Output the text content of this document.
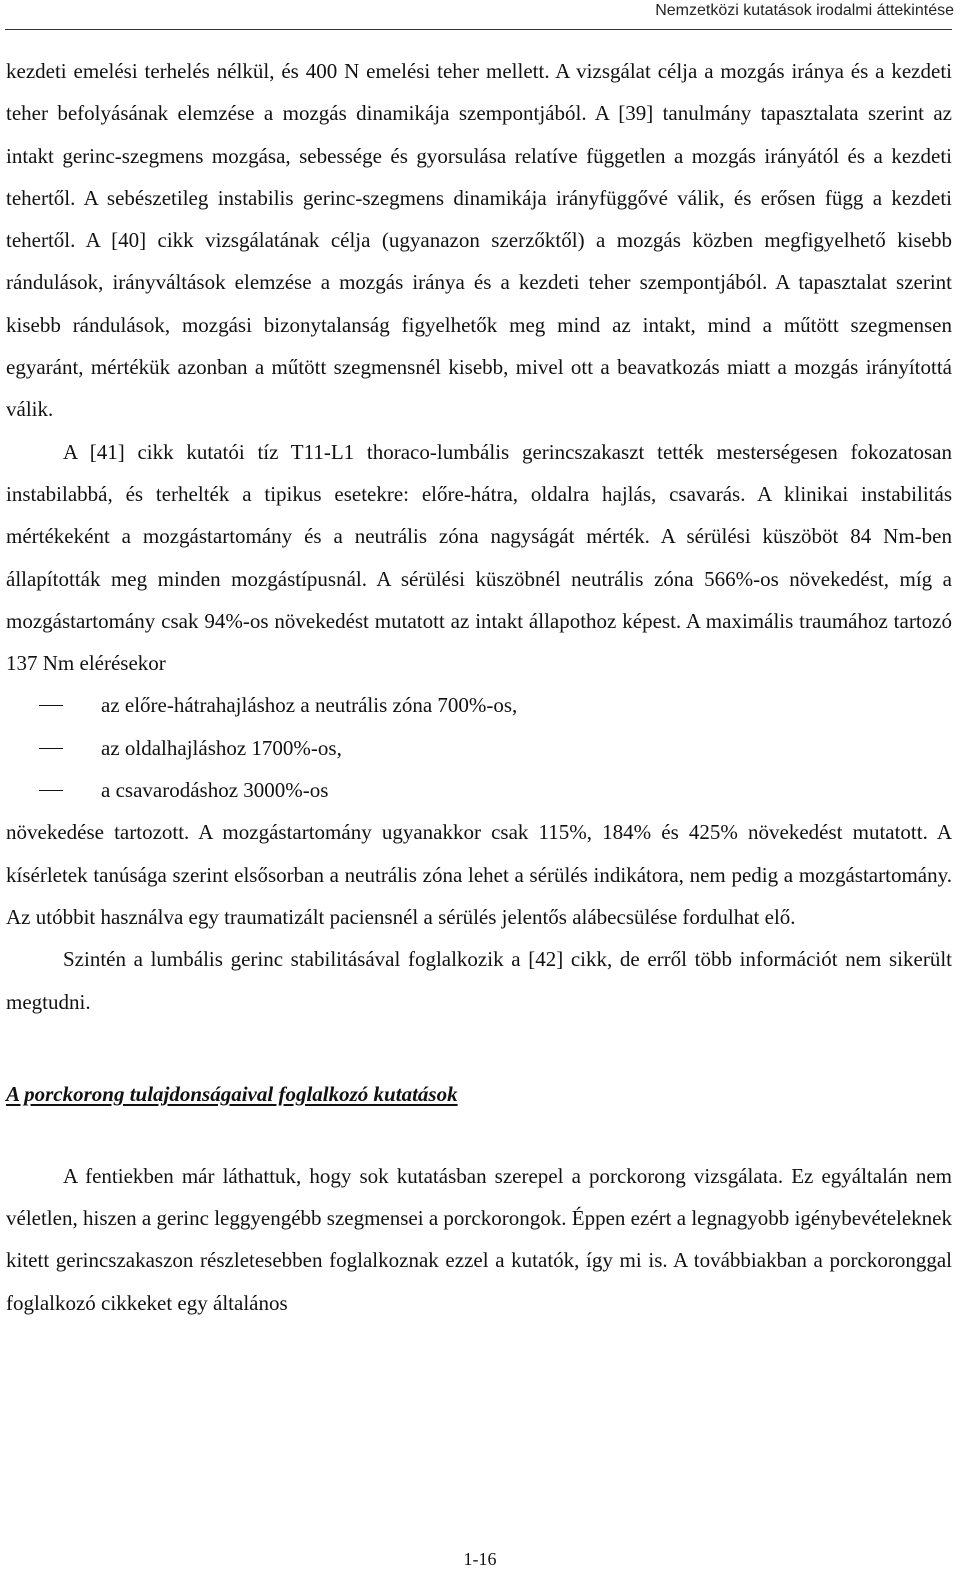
Nemzetközi kutatások irodalmi áttekintése

kezdeti emelési terhelés nélkül, és 400 N emelési teher mellett. A vizsgálat célja a mozgás iránya és a kezdeti teher befolyásának elemzése a mozgás dinamikája szempontjából. A [39] tanulmány tapasztalata szerint az intakt gerinc-szegmens mozgása, sebessége és gyorsulása relatíve független a mozgás irányától és a kezdeti tehertől. A sebészetileg instabilis gerinc-szegmens dinamikája irányfüggővé válik, és erősen függ a kezdeti tehertől. A [40] cikk vizsgálatának célja (ugyanazon szerzőktől) a mozgás közben megfigyelhető kisebb rándulások, irányváltások elemzése a mozgás iránya és a kezdeti teher szempontjából. A tapasztalat szerint kisebb rándulások, mozgási bizonytalanság figyelhetők meg mind az intakt, mind a műtött szegmensen egyaránt, mértékük azonban a műtött szegmensnél kisebb, mivel ott a beavatkozás miatt a mozgás irányítottá válik.

A [41] cikk kutatói tíz T11-L1 thoraco-lumbális gerincszakaszt tették mesterségesen fokozatosan instabilabbá, és terhelték a tipikus esetekre: előre-hátra, oldalra hajlás, csavarás. A klinikai instabilitás mértékeként a mozgástartomány és a neutrális zóna nagyságát mérték. A sérülési küszöböt 84 Nm-ben állapították meg minden mozgástípusnál. A sérülési küszöbnél neutrális zóna 566%-os növekedést, míg a mozgástartomány csak 94%-os növekedést mutatott az intakt állapothoz képest. A maximális traumához tartozó 137 Nm elérésekor

az előre-hátrahajláshoz a neutrális zóna 700%-os,
az oldalhajláshoz 1700%-os,
a csavarodáshoz 3000%-os

növekedése tartozott. A mozgástartomány ugyanakkor csak 115%, 184% és 425% növekedést mutatott. A kísérletek tanúsága szerint elsősorban a neutrális zóna lehet a sérülés indikátora, nem pedig a mozgástartomány. Az utóbbit használva egy traumatizált paciensnél a sérülés jelentős alábecsülése fordulhat elő.

Szintén a lumbális gerinc stabilitásával foglalkozik a [42] cikk, de erről több információt nem sikerült megtudni.

A porckorong tulajdonságaival foglalkozó kutatások

A fentiekben már láthattuk, hogy sok kutatásban szerepel a porckorong vizsgálata. Ez egyáltalán nem véletlen, hiszen a gerinc leggyengébb szegmensei a porckorongok. Éppen ezért a legnagyobb igénybevételeknek kitett gerincszakaszon részletesebben foglalkoznak ezzel a kutatók, így mi is. A továbbiakban a porckoronggal foglalkozó cikkeket egy általános

1-16
